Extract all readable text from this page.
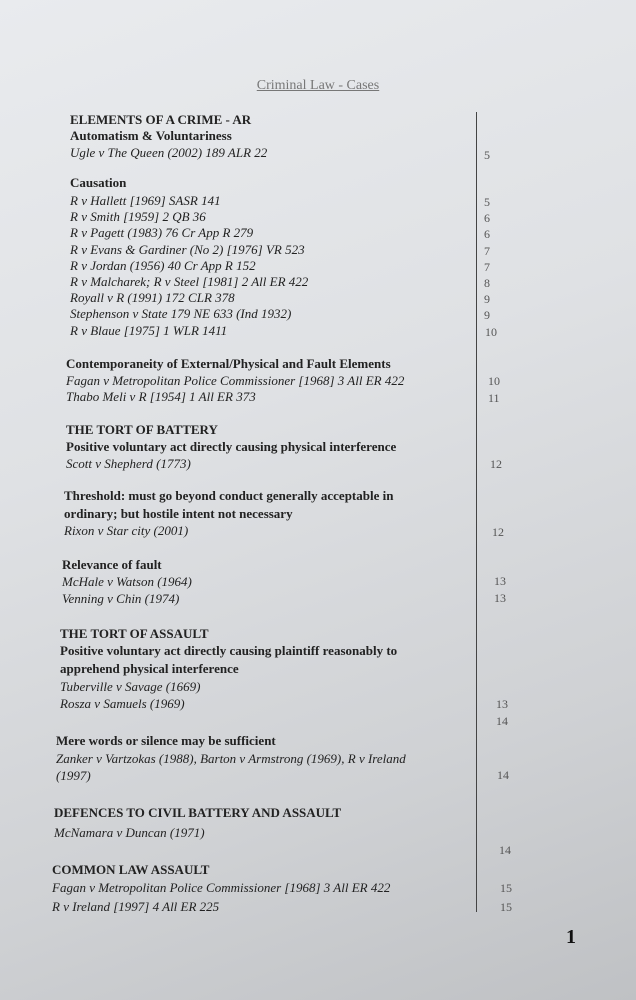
Criminal Law - Cases
ELEMENTS OF A CRIME - AR
Automatism & Voluntariness
Ugle v The Queen (2002) 189 ALR 22
Causation
R v Hallett [1969] SASR 141
R v Smith [1959] 2 QB 36
R v Pagett (1983) 76 Cr App R 279
R v Evans & Gardiner (No 2) [1976] VR 523
R v Jordan (1956) 40 Cr App R 152
R v Malcharek; R v Steel [1981] 2 All ER 422
Royall v R (1991) 172 CLR 378
Stephenson v State 179 NE 633 (Ind 1932)
R v Blaue [1975] 1 WLR 1411
Contemporaneity of External/Physical and Fault Elements
Fagan v Metropolitan Police Commissioner [1968] 3 All ER 422
Thabo Meli v R [1954] 1 All ER 373
THE TORT OF BATTERY
Positive voluntary act directly causing physical interference
Scott v Shepherd (1773)
Threshold: must go beyond conduct generally acceptable in
ordinary; but hostile intent not necessary
Rixon v Star city (2001)
Relevance of fault
McHale v Watson (1964)
Venning v Chin (1974)
THE TORT OF ASSAULT
Positive voluntary act directly causing plaintiff reasonably to
apprehend physical interference
Tuberville v Savage (1669)
Rosza v Samuels (1969)
Mere words or silence may be sufficient
Zanker v Vartzokas (1988), Barton v Armstrong (1969), R v Ireland
(1997)
DEFENCES TO CIVIL BATTERY AND ASSAULT
McNamara v Duncan (1971)
COMMON LAW ASSAULT
Fagan v Metropolitan Police Commissioner [1968] 3 All ER 422
R v Ireland [1997] 4 All ER 225
5
5
6
6
7
7
8
9
9
10
10
11
12
12
13
13
13
14
14
14
15
15
1
